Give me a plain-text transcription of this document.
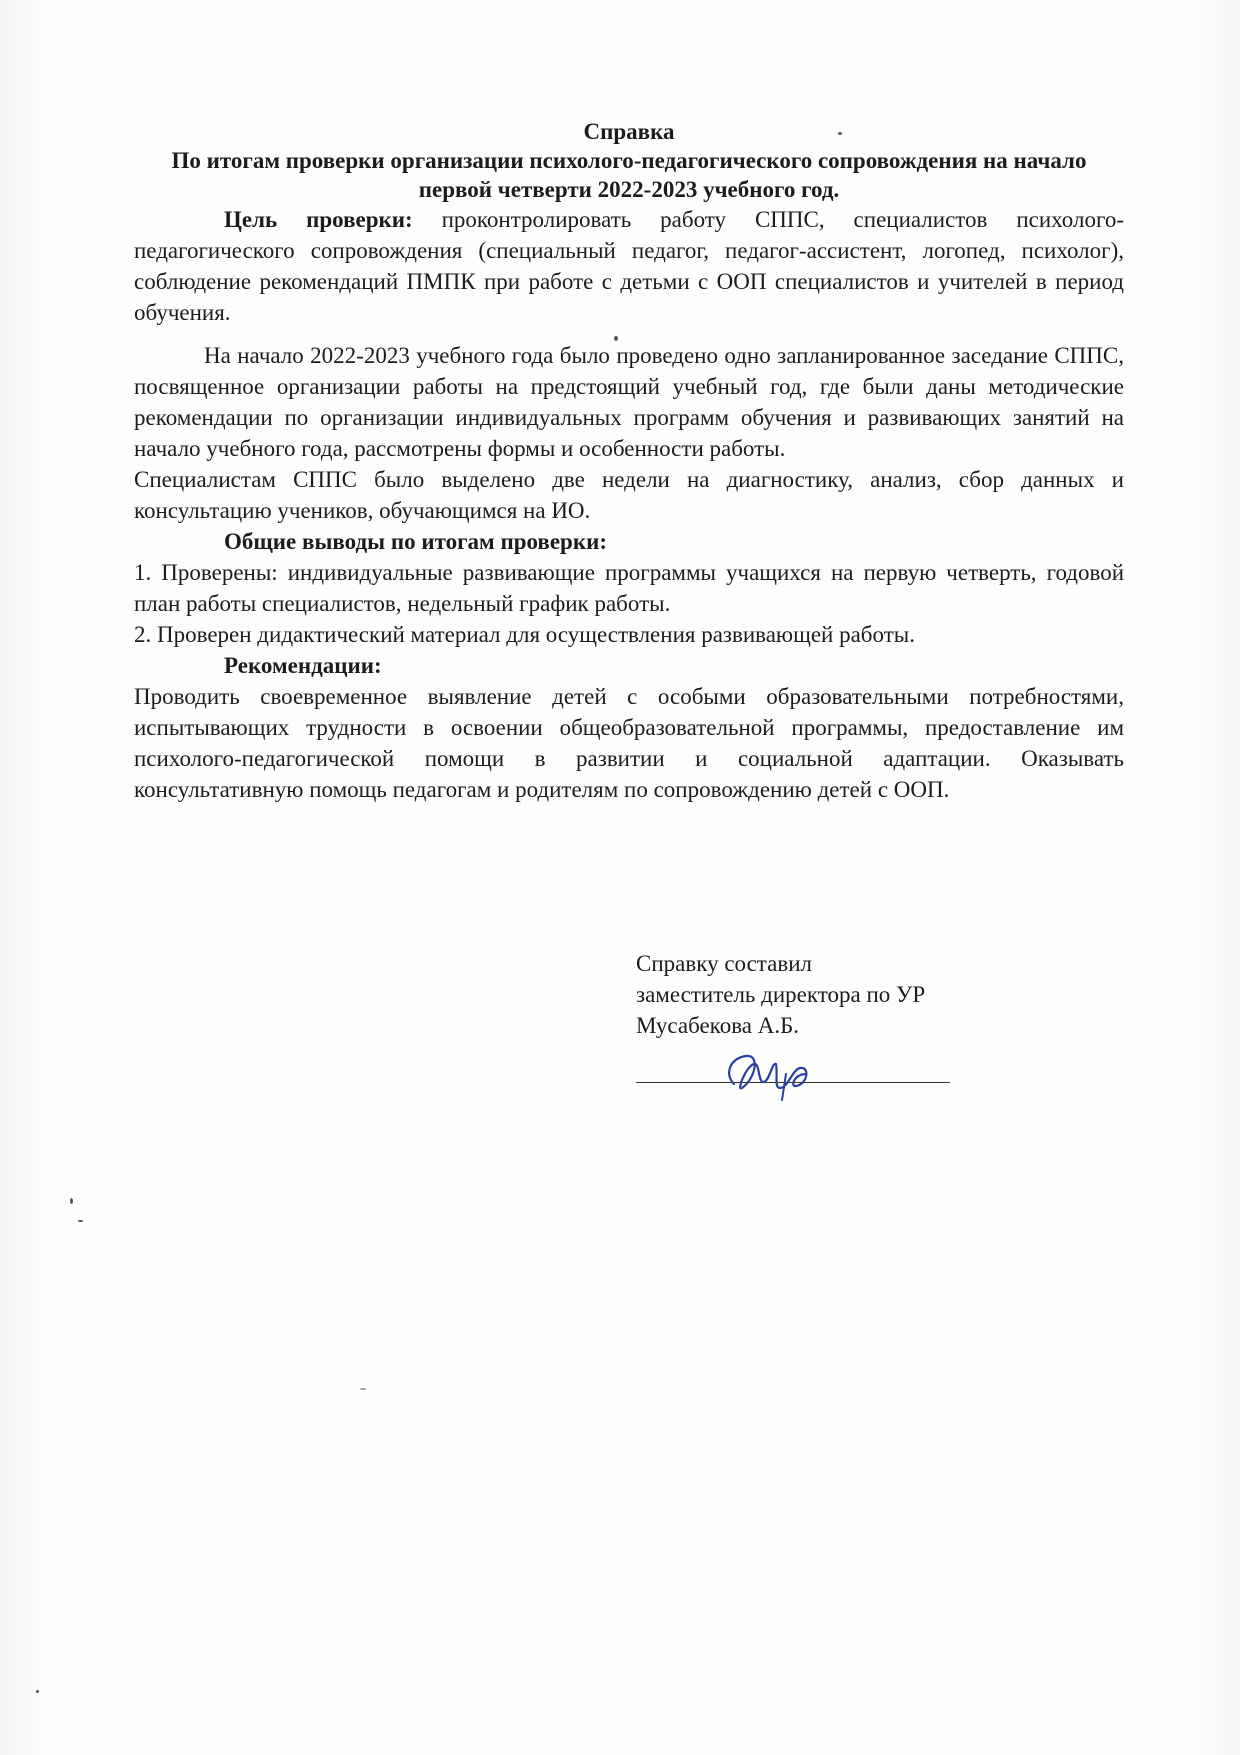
Справка
По итогам проверки организации психолого-педагогического сопровождения на начало первой четверти 2022-2023 учебного год.

Цель проверки: проконтролировать работу СППС, специалистов психолого-педагогического сопровождения (специальный педагог, педагог-ассистент, логопед, психолог), соблюдение рекомендаций ПМПК при работе с детьми с ООП специалистов и учителей в период обучения.

На начало 2022-2023 учебного года было проведено одно запланированное заседание СППС, посвященное организации работы на предстоящий учебный год, где были даны методические рекомендации по организации индивидуальных программ обучения и развивающих занятий на начало учебного года, рассмотрены формы и особенности работы.

Специалистам СППС было выделено две недели на диагностику, анализ, сбор данных и консультацию учеников, обучающимся на ИО.

Общие выводы по итогам проверки:

1. Проверены: индивидуальные развивающие программы учащихся на первую четверть, годовой план работы специалистов, недельный график работы.

2. Проверен дидактический материал для осуществления развивающей работы.

Рекомендации:

Проводить своевременное выявление детей с особыми образовательными потребностями, испытывающих трудности в освоении общеобразовательной программы, предоставление им психолого-педагогической помощи в развитии и социальной адаптации. Оказывать консультативную помощь педагогам и родителям по сопровождению детей с ООП.

Справку составил
заместитель директора по УР
Мусабекова А.Б.
